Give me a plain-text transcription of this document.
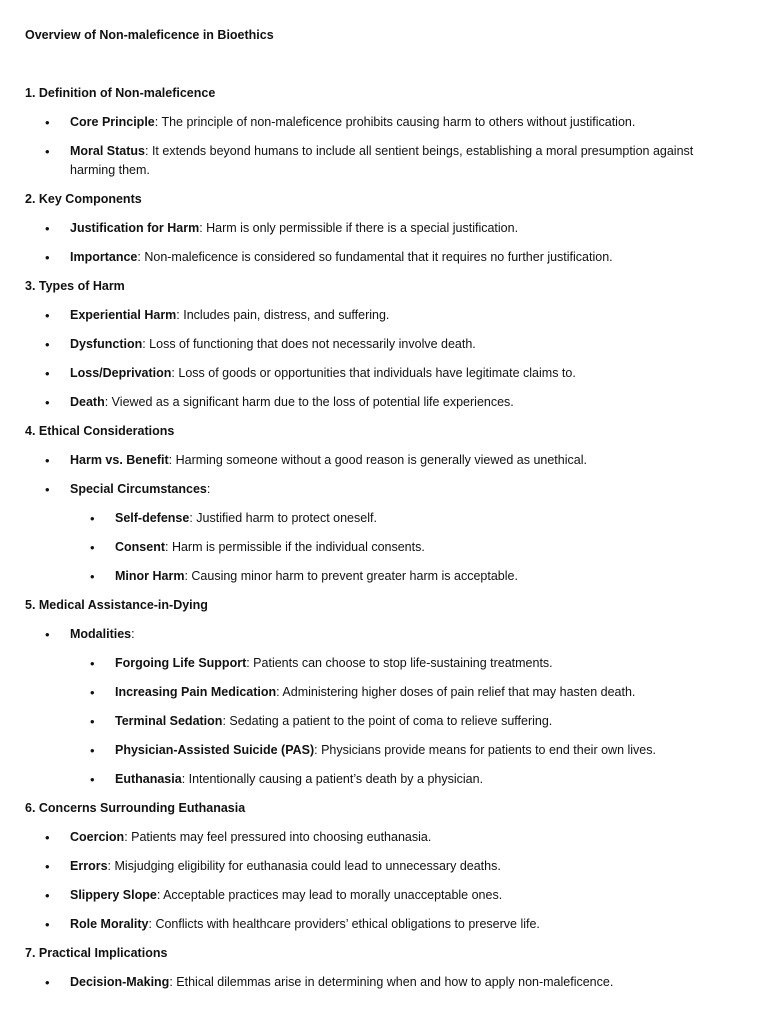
Overview of Non-maleficence in Bioethics
1. Definition of Non-maleficence
• Core Principle: The principle of non-maleficence prohibits causing harm to others without justification.
• Moral Status: It extends beyond humans to include all sentient beings, establishing a moral presumption against harming them.
2. Key Components
• Justification for Harm: Harm is only permissible if there is a special justification.
• Importance: Non-maleficence is considered so fundamental that it requires no further justification.
3. Types of Harm
• Experiential Harm: Includes pain, distress, and suffering.
• Dysfunction: Loss of functioning that does not necessarily involve death.
• Loss/Deprivation: Loss of goods or opportunities that individuals have legitimate claims to.
• Death: Viewed as a significant harm due to the loss of potential life experiences.
4. Ethical Considerations
• Harm vs. Benefit: Harming someone without a good reason is generally viewed as unethical.
• Special Circumstances:
• Self-defense: Justified harm to protect oneself.
• Consent: Harm is permissible if the individual consents.
• Minor Harm: Causing minor harm to prevent greater harm is acceptable.
5. Medical Assistance-in-Dying
• Modalities:
• Forgoing Life Support: Patients can choose to stop life-sustaining treatments.
• Increasing Pain Medication: Administering higher doses of pain relief that may hasten death.
• Terminal Sedation: Sedating a patient to the point of coma to relieve suffering.
• Physician-Assisted Suicide (PAS): Physicians provide means for patients to end their own lives.
• Euthanasia: Intentionally causing a patient’s death by a physician.
6. Concerns Surrounding Euthanasia
• Coercion: Patients may feel pressured into choosing euthanasia.
• Errors: Misjudging eligibility for euthanasia could lead to unnecessary deaths.
• Slippery Slope: Acceptable practices may lead to morally unacceptable ones.
• Role Morality: Conflicts with healthcare providers’ ethical obligations to preserve life.
7. Practical Implications
• Decision-Making: Ethical dilemmas arise in determining when and how to apply non-maleficence.
